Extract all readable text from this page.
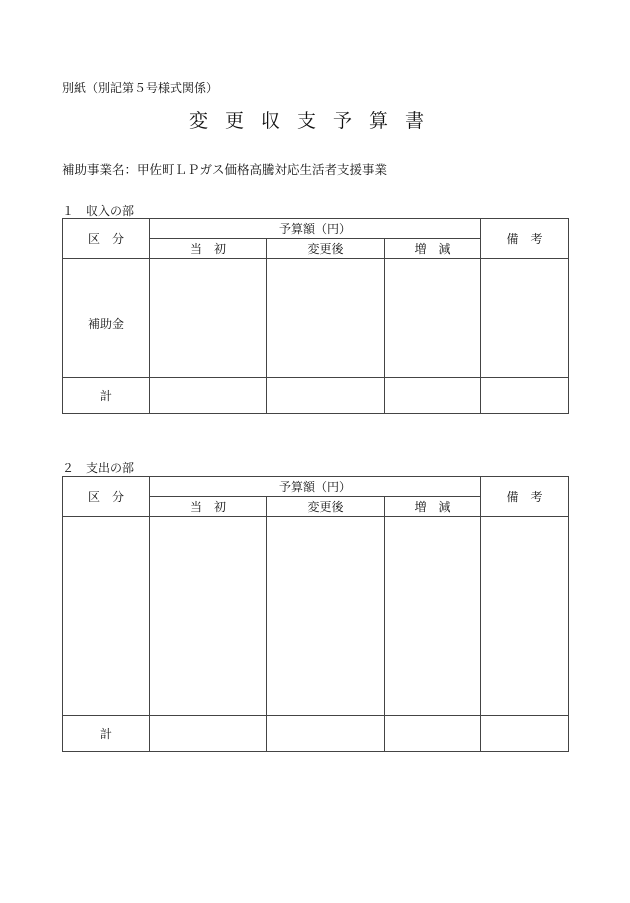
別紙（別記第５号様式関係）
変更収支予算書
補助事業名：甲佐町ＬＰガス価格高騰対応生活者支援事業
１　収入の部
区分	予算額（円）			備考
	当初	変更後	増減	
補助金				
計				
２　支出の部
区分	予算額（円）			備考
	当初	変更後	増減	

計				
